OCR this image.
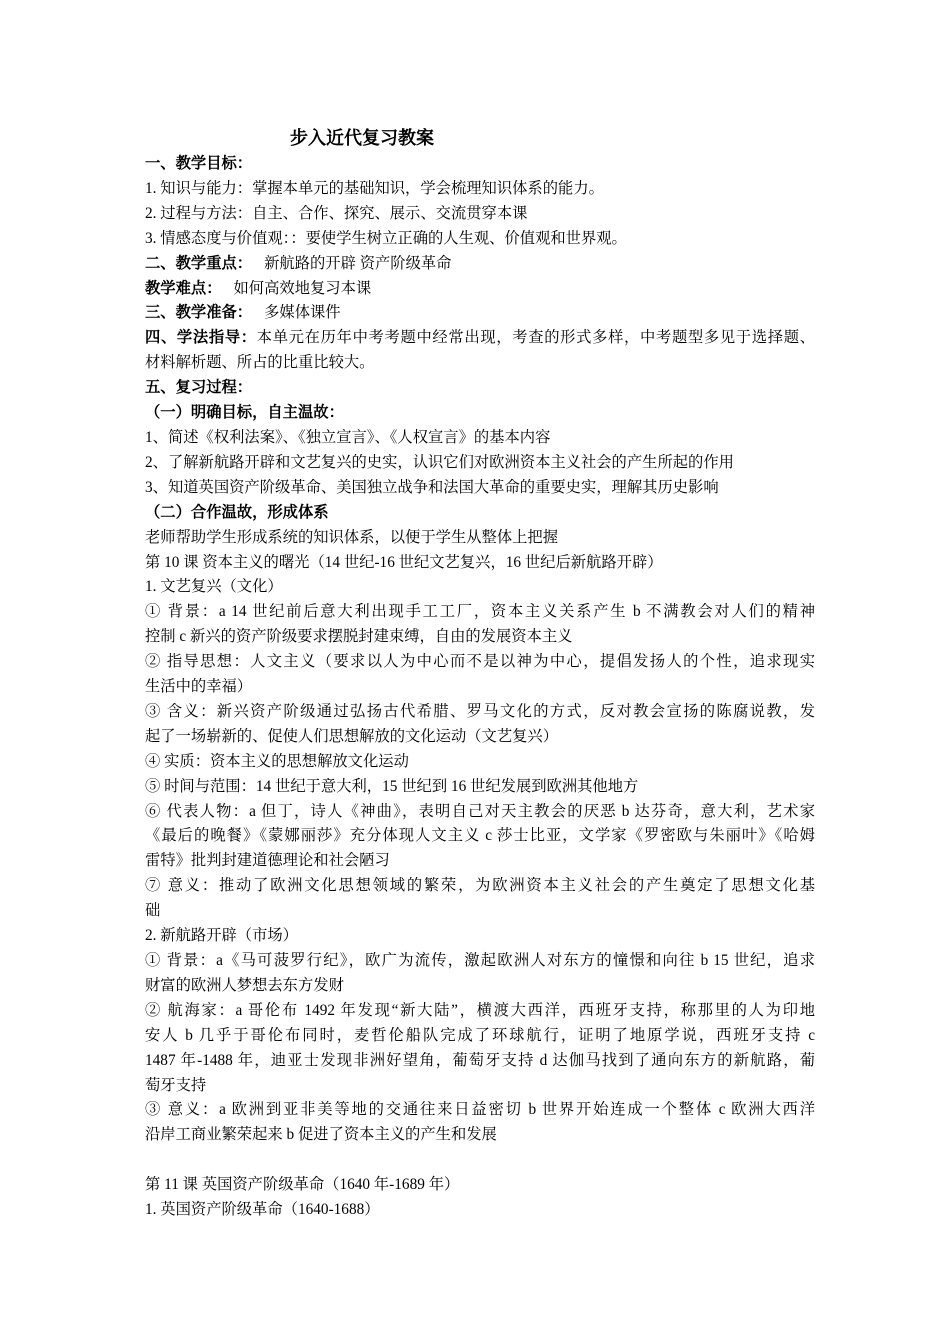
步入近代复习教案
一、教学目标：
1. 知识与能力：掌握本单元的基础知识，学会梳理知识体系的能力。
2. 过程与方法：自主、合作、探究、展示、交流贯穿本课
3. 情感态度与价值观：：要使学生树立正确的人生观、价值观和世界观。
二、教学重点： 新航路的开辟 资产阶级革命
教学难点： 如何高效地复习本课
三、教学准备： 多媒体课件
四、学法指导：本单元在历年中考考题中经常出现，考查的形式多样，中考题型多见于选择题、
材料解析题、所占的比重比较大。
五、复习过程：
（一）明确目标，自主温故：
1、简述《权利法案》、《独立宣言》、《人权宣言》的基本内容
2、了解新航路开辟和文艺复兴的史实，认识它们对欧洲资本主义社会的产生所起的作用
3、知道英国资产阶级革命、美国独立战争和法国大革命的重要史实，理解其历史影响
（二）合作温故，形成体系
老师帮助学生形成系统的知识体系，以便于学生从整体上把握
第 10 课 资本主义的曙光（14 世纪-16 世纪文艺复兴，16 世纪后新航路开辟）
1. 文艺复兴（文化）
① 背景：a 14 世纪前后意大利出现手工工厂，资本主义关系产生 b 不满教会对人们的精神
控制 c 新兴的资产阶级要求摆脱封建束缚，自由的发展资本主义
② 指导思想：人文主义（要求以人为中心而不是以神为中心，提倡发扬人的个性，追求现实
生活中的幸福）
③ 含义：新兴资产阶级通过弘扬古代希腊、罗马文化的方式，反对教会宣扬的陈腐说教，发
起了一场崭新的、促使人们思想解放的文化运动（文艺复兴）
④ 实质：资本主义的思想解放文化运动
⑤ 时间与范围：14 世纪于意大利，15 世纪到 16 世纪发展到欧洲其他地方
⑥ 代表人物：a 但丁，诗人《神曲》，表明自己对天主教会的厌恶 b 达芬奇，意大利，艺术家
《最后的晚餐》《蒙娜丽莎》充分体现人文主义 c 莎士比亚，文学家《罗密欧与朱丽叶》《哈姆
雷特》批判封建道德理论和社会陋习
⑦ 意义：推动了欧洲文化思想领域的繁荣，为欧洲资本主义社会的产生奠定了思想文化基
础
2. 新航路开辟（市场）
① 背景：a《马可菠罗行纪》，欧广为流传，激起欧洲人对东方的憧憬和向往 b 15 世纪，追求
财富的欧洲人梦想去东方发财
② 航海家：a 哥伦布 1492 年发现“新大陆”，横渡大西洋，西班牙支持，称那里的人为印地
安人 b 几乎于哥伦布同时，麦哲伦船队完成了环球航行，证明了地原学说，西班牙支持 c
1487 年-1488 年，迪亚士发现非洲好望角，葡萄牙支持 d 达伽马找到了通向东方的新航路，葡
萄牙支持
③ 意义：a 欧洲到亚非美等地的交通往来日益密切 b 世界开始连成一个整体 c 欧洲大西洋
沿岸工商业繁荣起来 b 促进了资本主义的产生和发展
第 11 课 英国资产阶级革命（1640 年-1689 年）
1. 英国资产阶级革命（1640-1688）
